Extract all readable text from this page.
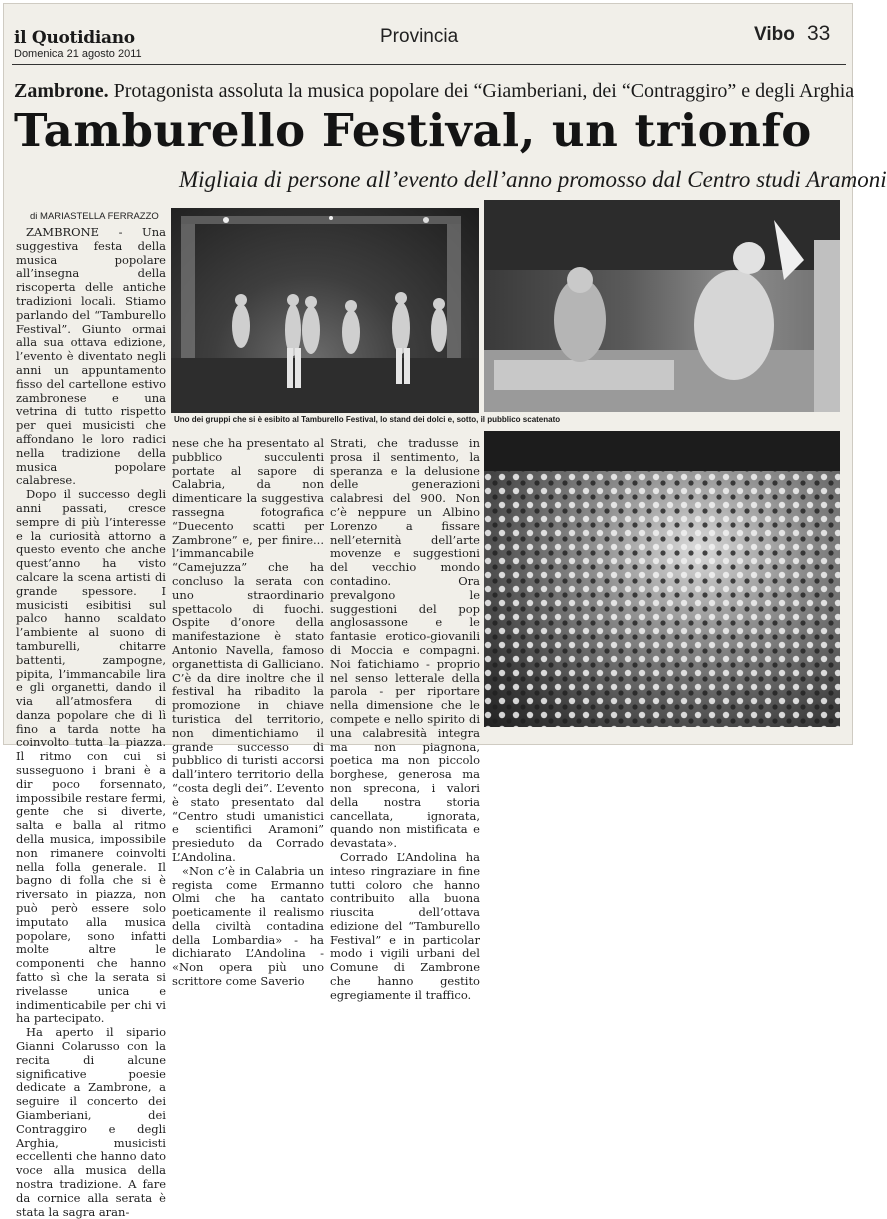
il Quotidiano
Domenica 21 agosto 2011
Provincia	Vibo 33
Zambrone. Protagonista assoluta la musica popolare dei “Giamberiani, dei “Contraggiro” e degli Arghia
Tamburello Festival, un trionfo
Migliaia di persone all’evento dell’anno promosso dal Centro studi Aramoni
di MARIASTELLA FERRAZZO
Uno dei gruppi che si è esibito al Tamburello Festival, lo stand dei dolci e, sotto, il pubblico scatenato

ZAMBRONE - Una suggestiva festa della musica popolare all’insegna della riscoperta delle antiche tradizioni locali. Stiamo parlando del “Tamburello Festival”. Giunto ormai alla sua ottava edizione, l’evento è diventato negli anni un appuntamento fisso del cartellone estivo zambronese e una vetrina di tutto rispetto per quei musicisti che affondano le loro radici nella tradizione della musica popolare calabrese.

Dopo il successo degli anni passati, cresce sempre di più l’interesse e la curiosità attorno a questo evento che anche quest’anno ha visto calcare la scena artisti di grande spessore. I musicisti esibitisi sul palco hanno scaldato l’ambiente al suono di tamburelli, chitarre battenti, zampogne, pipita, l’immancabile lira e gli organetti, dando il via all’atmosfera di danza popolare che di lì fino a tarda notte ha coinvolto tutta la piazza. Il ritmo con cui si susseguono i brani è a dir poco forsennato, impossibile restare fermi, gente che si diverte, salta e balla al ritmo della musica, impossibile non rimanere coinvolti nella folla generale. Il bagno di folla che si è riversato in piazza, non può però essere solo imputato alla musica popolare, sono infatti molte altre le componenti che hanno fatto sì che la serata si rivelasse unica e indimenticabile per chi vi ha partecipato.

Ha aperto il sipario Gianni Colarusso con la recita di alcune significative poesie dedicate a Zambrone, a seguire il concerto dei Giamberiani, dei Contraggiro e degli Arghia, musicisti eccellenti che hanno dato voce alla musica della nostra tradizione. A fare da cornice alla serata è stata la sagra aran-

nese che ha presentato al pubblico succulenti portate al sapore di Calabria, da non dimenticare la suggestiva rassegna fotografica “Duecento scatti per Zambrone” e, per finire... l’immancabile “Camejuzza” che ha concluso la serata con uno straordinario spettacolo di fuochi. Ospite d’onore della manifestazione è stato Antonio Navella, famoso organettista di Galliciano. C’è da dire inoltre che il festival ha ribadito la promozione in chiave turistica del territorio, non dimentichiamo il grande successo di pubblico di turisti accorsi dall’intero territorio della “costa degli dei”. L’evento è stato presentato dal “Centro studi umanistici e scientifici Aramoni” presieduto da Corrado L’Andolina.

«Non c’è in Calabria un regista come Ermanno Olmi che ha cantato poeticamente il realismo della civiltà contadina della Lombardia» - ha dichiarato L’Andolina - «Non opera più uno scrittore come Saverio

Strati, che tradusse in prosa il sentimento, la speranza e la delusione delle generazioni calabresi del 900. Non c’è neppure un Albino Lorenzo a fissare nell’eternità dell’arte movenze e suggestioni del vecchio mondo contadino. Ora prevalgono le suggestioni del pop anglosassone e le fantasie erotico-giovanili di Moccia e compagni. Noi fatichiamo - proprio nel senso letterale della parola - per riportare nella dimensione che le compete e nello spirito di una calabresità integra ma non piagnona, poetica ma non piccolo borghese, generosa ma non sprecona, i valori della nostra storia cancellata, ignorata, quando non mistificata e devastata».

Corrado L’Andolina ha inteso ringraziare in fine tutti coloro che hanno contribuito alla buona riuscita dell’ottava edizione del “Tamburello Festival” e in particolar modo i vigili urbani del Comune di Zambrone che hanno gestito egregiamente il traffico.
